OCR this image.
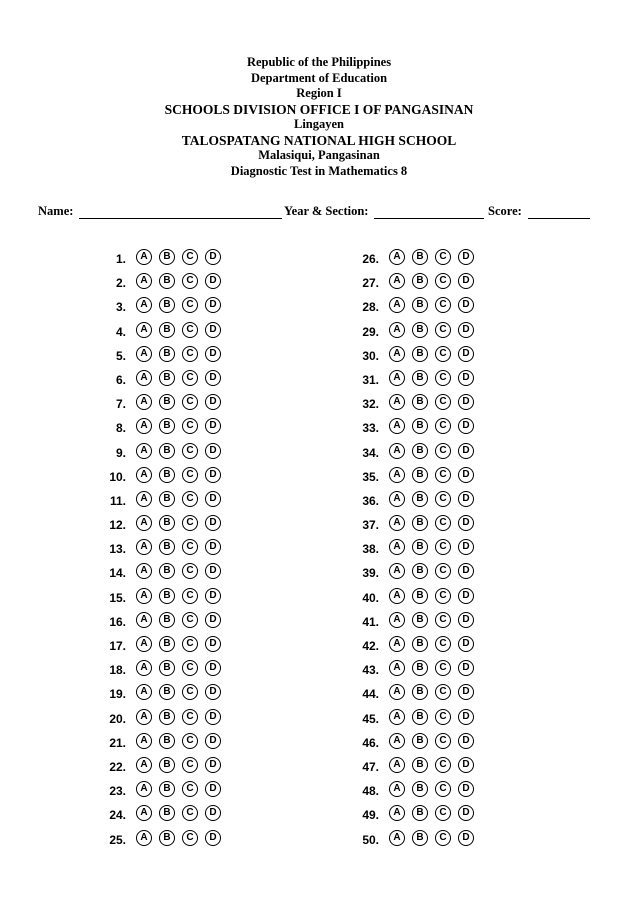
Republic of the Philippines
Department of Education
Region I
SCHOOLS DIVISION OFFICE I OF PANGASINAN
Lingayen
TALOSPATANG NATIONAL HIGH SCHOOL
Malasiqui, Pangasinan
Diagnostic Test in Mathematics 8
Name:	Year & Section:	Score:
1.	A	B	C	D
2.	A	B	C	D
3.	A	B	C	D
4.	A	B	C	D
5.	A	B	C	D
6.	A	B	C	D
7.	A	B	C	D
8.	A	B	C	D
9.	A	B	C	D
10.	A	B	C	D
11.	A	B	C	D
12.	A	B	C	D
13.	A	B	C	D
14.	A	B	C	D
15.	A	B	C	D
16.	A	B	C	D
17.	A	B	C	D
18.	A	B	C	D
19.	A	B	C	D
20.	A	B	C	D
21.	A	B	C	D
22.	A	B	C	D
23.	A	B	C	D
24.	A	B	C	D
25.	A	B	C	D
26.	A	B	C	D
27.	A	B	C	D
28.	A	B	C	D
29.	A	B	C	D
30.	A	B	C	D
31.	A	B	C	D
32.	A	B	C	D
33.	A	B	C	D
34.	A	B	C	D
35.	A	B	C	D
36.	A	B	C	D
37.	A	B	C	D
38.	A	B	C	D
39.	A	B	C	D
40.	A	B	C	D
41.	A	B	C	D
42.	A	B	C	D
43.	A	B	C	D
44.	A	B	C	D
45.	A	B	C	D
46.	A	B	C	D
47.	A	B	C	D
48.	A	B	C	D
49.	A	B	C	D
50.	A	B	C	D
